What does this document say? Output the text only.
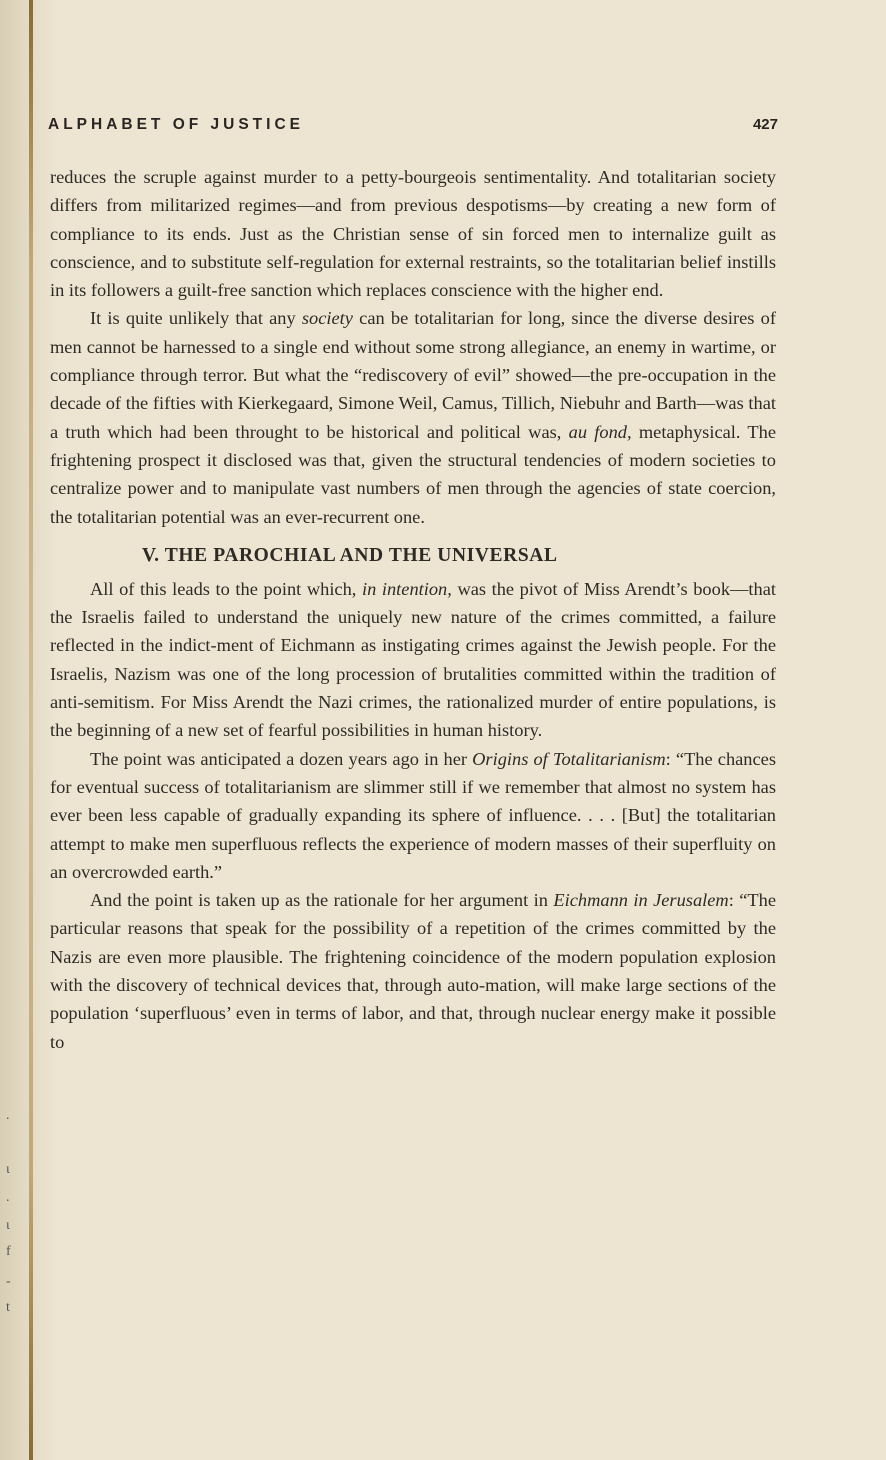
.
ι
.
ι
f
-
t
ALPHABET OF JUSTICE	427

reduces the scruple against murder to a petty-bourgeois sentimentality. And totalitarian society differs from militarized regimes—and from previous despotisms—by creating a new form of compliance to its ends. Just as the Christian sense of sin forced men to internalize guilt as conscience, and to substitute self-regulation for external restraints, so the totalitarian belief instills in its followers a guilt-free sanction which replaces conscience with the higher end.

It is quite unlikely that any society can be totalitarian for long, since the diverse desires of men cannot be harnessed to a single end without some strong allegiance, an enemy in wartime, or compliance through terror. But what the “rediscovery of evil” showed—the pre-occupation in the decade of the fifties with Kierkegaard, Simone Weil, Camus, Tillich, Niebuhr and Barth—was that a truth which had been throught to be historical and political was, au fond, metaphysical. The frightening prospect it disclosed was that, given the structural tendencies of modern societies to centralize power and to manipulate vast numbers of men through the agencies of state coercion, the totalitarian potential was an ever-recurrent one.

V. THE PAROCHIAL AND THE UNIVERSAL

All of this leads to the point which, in intention, was the pivot of Miss Arendt’s book—that the Israelis failed to understand the uniquely new nature of the crimes committed, a failure reflected in the indict-ment of Eichmann as instigating crimes against the Jewish people. For the Israelis, Nazism was one of the long procession of brutalities committed within the tradition of anti-semitism. For Miss Arendt the Nazi crimes, the rationalized murder of entire populations, is the beginning of a new set of fearful possibilities in human history.

The point was anticipated a dozen years ago in her Origins of Totalitarianism: “The chances for eventual success of totalitarianism are slimmer still if we remember that almost no system has ever been less capable of gradually expanding its sphere of influence. . . . [But] the totalitarian attempt to make men superfluous reflects the experience of modern masses of their superfluity on an overcrowded earth.”

And the point is taken up as the rationale for her argument in Eichmann in Jerusalem: “The particular reasons that speak for the possibility of a repetition of the crimes committed by the Nazis are even more plausible. The frightening coincidence of the modern population explosion with the discovery of technical devices that, through auto-mation, will make large sections of the population ‘superfluous’ even in terms of labor, and that, through nuclear energy make it possible to
